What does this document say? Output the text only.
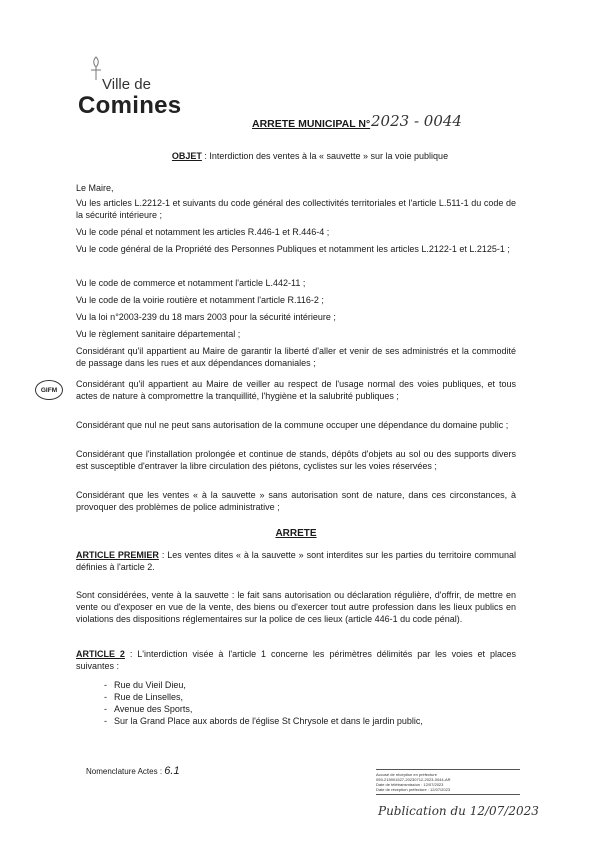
Ville de
Comines
ARRETE MUNICIPAL N° 2023 - 0044
OBJET : Interdiction des ventes à la « sauvette » sur la voie publique
Le Maire,
Vu les articles L.2212-1 et suivants du code général des collectivités territoriales et l'article L.511-1 du code de la sécurité intérieure ;
Vu le code pénal et notamment les articles R.446-1 et R.446-4 ;
Vu le code général de la Propriété des Personnes Publiques et notamment les articles L.2122-1 et L.2125-1 ;
Vu le code de commerce et notamment l'article L.442-11 ;
Vu le code de la voirie routière et notamment l'article R.116-2 ;
Vu la loi n°2003-239 du 18 mars 2003 pour la sécurité intérieure ;
Vu le règlement sanitaire départemental ;
Considérant qu'il appartient au Maire de garantir la liberté d'aller et venir de ses administrés et la commodité de passage dans les rues et aux dépendances domaniales ;
GIFM
Considérant qu'il appartient au Maire de veiller au respect de l'usage normal des voies publiques, et tous actes de nature à compromettre la tranquillité, l'hygiène et la salubrité publiques ;
Considérant que nul ne peut sans autorisation de la commune occuper une dépendance du domaine public ;
Considérant que l'installation prolongée et continue de stands, dépôts d'objets au sol ou des supports divers est susceptible d'entraver la libre circulation des piétons, cyclistes sur les voies réservées ;
Considérant que les ventes « à la sauvette » sans autorisation sont de nature, dans ces circonstances, à provoquer des problèmes de police administrative ;
ARRETE
ARTICLE PREMIER : Les ventes dites « à la sauvette » sont interdites sur les parties du territoire communal définies à l'article 2.
Sont considérées, vente à la sauvette : le fait sans autorisation ou déclaration régulière, d'offrir, de mettre en vente ou d'exposer en vue de la vente, des biens ou d'exercer tout autre profession dans les lieux publics en violations des dispositions réglementaires sur la police de ces lieux (article 446-1 du code pénal).
ARTICLE 2 : L'interdiction visée à l'article 1 concerne les périmètres délimités par les voies et places suivantes :
- Rue du Vieil Dieu,
- Rue de Linselles,
- Avenue des Sports,
- Sur la Grand Place aux abords de l'église St Chrysole et dans le jardin public,
Nomenclature Actes : 6.1	Accusé de réception en préfecture
059-215901527-20230712-2023-0044-AR
Date de télétransmission : 12/07/2023
Date de réception préfecture : 12/07/2023
Publication du 12/07/2023
